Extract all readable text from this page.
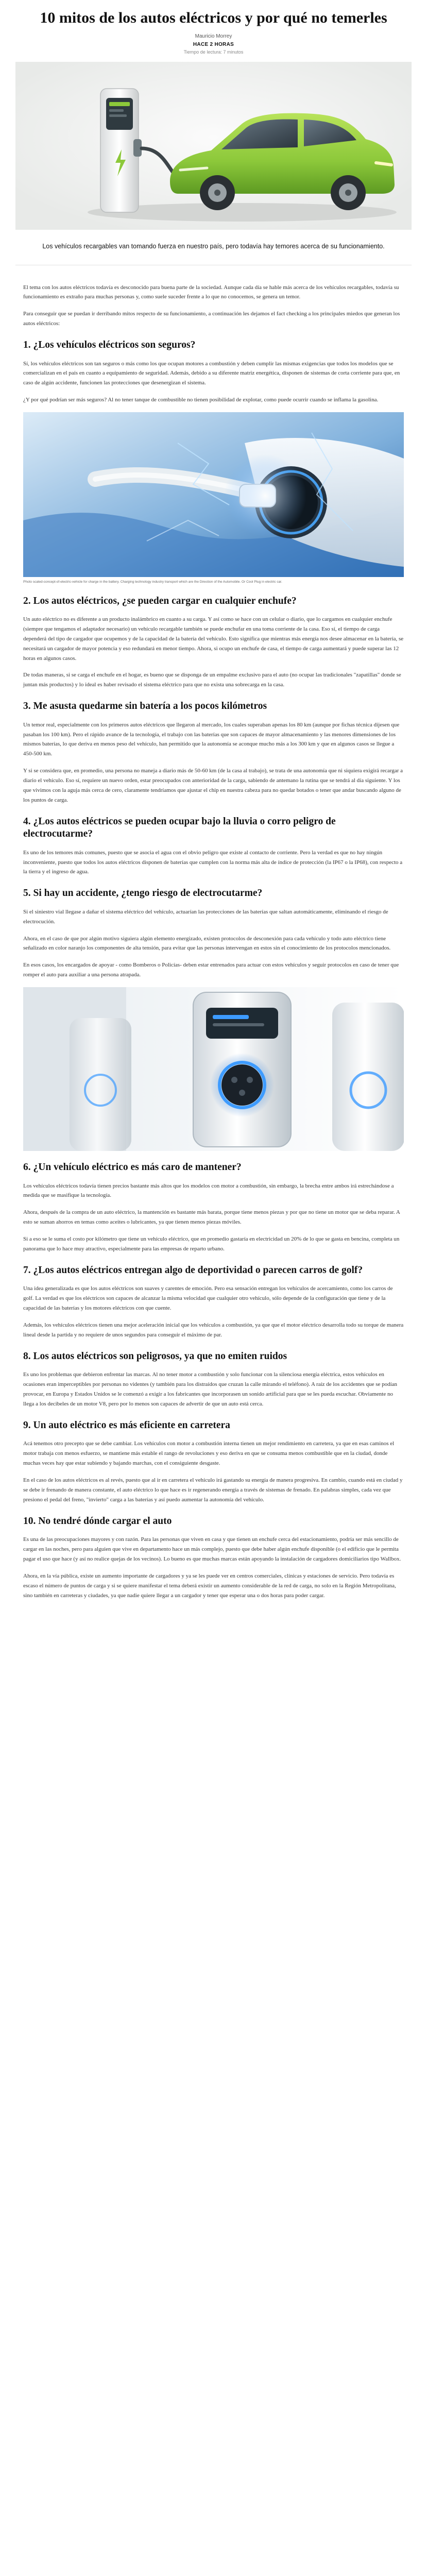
10 mitos de los autos eléctricos y por qué no temerles
Mauricio Morrey
HACE 2 HORAS
Tiempo de lectura: 7 minutos
Los vehículos recargables van tomando fuerza en nuestro país, pero todavía hay temores acerca de su funcionamiento.

El tema con los autos eléctricos todavía es desconocido para buena parte de la sociedad. Aunque cada día se hable más acerca de los vehículos recargables, todavía su funcionamiento es extraño para muchas personas y, como suele suceder frente a lo que no conocemos, se genera un temor.

Para conseguir que se puedan ir derribando mitos respecto de su funcionamiento, a continuación les dejamos el fact checking a los principales miedos que generan los autos eléctricos:

1. ¿Los vehículos eléctricos son seguros?

Sí, los vehículos eléctricos son tan seguros o más como los que ocupan motores a combustión y deben cumplir las mismas exigencias que todos los modelos que se comercializan en el país en cuanto a equipamiento de seguridad. Además, debido a su diferente matriz energética, disponen de sistemas de corta corriente para que, en caso de algún accidente, funcionen las protecciones que desenergizan el sistema.

¿Y por qué podrían ser más seguros? Al no tener tanque de combustible no tienen posibilidad de explotar, como puede ocurrir cuando se inflama la gasolina.

Photo scaled-concept-of-electric-vehicle for charge in the battery. Charging technology industry transport which are the Direction of the Automobile. Or Cool Plug in electric car.
2. Los autos eléctricos, ¿se pueden cargar en cualquier enchufe?

Un auto eléctrico no es diferente a un producto inalámbrico en cuanto a su carga. Y así como se hace con un celular o diario, que lo cargamos en cualquier enchufe (siempre que tengamos el adaptador necesario) un vehículo recargable también se puede enchufar en una toma corriente de la casa. Eso sí, el tiempo de carga dependerá del tipo de cargador que ocupemos y de la capacidad de la batería del vehículo. Esto significa que mientras más energía nos desee almacenar en la batería, se necesitará un cargador de mayor potencia y eso redundará en menor tiempo. Ahora, si ocupo un enchufe de casa, el tiempo de carga aumentará y puede superar las 12 horas en algunos casos.

De todas maneras, si se carga el enchufe en el hogar, es bueno que se disponga de un empalme exclusivo para el auto (no ocupar las tradicionales "zapatillas" donde se juntan más productos) y lo ideal es haber revisado el sistema eléctrico para que no exista una sobrecarga en la casa.

3. Me asusta quedarme sin batería a los pocos kilómetros

Un temor real, especialmente con los primeros autos eléctricos que llegaron al mercado, los cuales superaban apenas los 80 km (aunque por fichas técnica dijesen que pasaban los 100 km). Pero el rápido avance de la tecnología, el trabajo con las baterías que son capaces de mayor almacenamiento y las menores dimensiones de los mismos baterías, lo que deriva en menos peso del vehículo, han permitido que la autonomía se aconque mucho más a los 300 km y que en algunos casos se llegue a 450-500 km.

Y si se considera que, en promedio, una persona no maneja a diario más de 50-60 km (de la casa al trabajo), se trata de una autonomía que ni siquiera exigirá recargar a diario el vehículo. Eso sí, requiere un nuevo orden, estar preocupados con anterioridad de la carga, sabiendo de antemano la rutina que se tendrá al día siguiente. Y los que vivimos con la aguja más cerca de cero, claramente tendríamos que ajustar el chip en nuestra cabeza para no quedar botados o tener que andar buscando alguno de los puntos de carga.

4. ¿Los autos eléctricos se pueden ocupar bajo la lluvia o corro peligro de electrocutarme?

Es uno de los temores más comunes, puesto que se asocia el agua con el obvio peligro que existe al contacto de corriente. Pero la verdad es que no hay ningún inconveniente, puesto que todos los autos eléctricos disponen de baterías que cumplen con la norma más alta de índice de protección (la IP67 o la IP68), con respecto a la tierra y el ingreso de agua.

5. Si hay un accidente, ¿tengo riesgo de electrocutarme?

Si el siniestro vial llegase a dañar el sistema eléctrico del vehículo, actuarían las protecciones de las baterías que saltan automáticamente, eliminando el riesgo de electrocución.

Ahora, en el caso de que por algún motivo siguiera algún elemento energizado, existen protocolos de desconexión para cada vehículo y todo auto eléctrico tiene señalizado en color naranjo los componentes de alta tensión, para evitar que las personas intervengan en estos sin el conocimiento de los protocolos mencionados.

En esos casos, los encargados de apoyar - como Bomberos o Policías- deben estar entrenados para actuar con estos vehículos y seguir protocolos en caso de tener que romper el auto para auxiliar a una persona atrapada.

6. ¿Un vehículo eléctrico es más caro de mantener?

Los vehículos eléctricos todavía tienen precios bastante más altos que los modelos con motor a combustión, sin embargo, la brecha entre ambos irá estrechándose a medida que se masifique la tecnología.

Ahora, después de la compra de un auto eléctrico, la mantención es bastante más barata, porque tiene menos piezas y por que no tiene un motor que se deba reparar. A esto se suman ahorros en temas como aceites o lubricantes, ya que tienen menos piezas móviles.

Si a eso se le suma el costo por kilómetro que tiene un vehículo eléctrico, que en promedio gastaría en electricidad un 20% de lo que se gasta en bencina, completa un panorama que lo hace muy atractivo, especialmente para las empresas de reparto urbano.

7. ¿Los autos eléctricos entregan algo de deportividad o parecen carros de golf?

Una idea generalizada es que los autos eléctricos son suaves y carentes de emoción. Pero esa sensación entregan los vehículos de acercamiento, como los carros de golf. La verdad es que los eléctricos son capaces de alcanzar la misma velocidad que cualquier otro vehículo, sólo depende de la configuración que tiene y de la capacidad de las baterías y los motores eléctricos con que cuente.

Además, los vehículos eléctricos tienen una mejor aceleración inicial que los vehículos a combustión, ya que que el motor eléctrico desarrolla todo su torque de manera lineal desde la partida y no requiere de unos segundos para conseguir el máximo de par.

8. Los autos eléctricos son peligrosos, ya que no emiten ruidos

Es uno los problemas que debieron enfrentar las marcas. Al no tener motor a combustión y solo funcionar con la silenciosa energía eléctrica, estos vehículos en ocasiones eran imperceptibles por personas no videntes (y también para los distraídos que cruzan la calle mirando el teléfono). A raíz de los accidentes que se podían provocar, en Europa y Estados Unidos se le comenzó a exigir a los fabricantes que incorporasen un sonido artificial para que se les pueda escuchar. Obviamente no llega a los decibeles de un motor V8, pero por lo menos son capaces de advertir de que un auto está cerca.

9. Un auto eléctrico es más eficiente en carretera

Acá tenemos otro precepto que se debe cambiar. Los vehículos con motor a combustión interna tienen un mejor rendimiento en carretera, ya que en esas caminos el motor trabaja con menos esfuerzo, se mantiene más estable el rango de revoluciones y eso deriva en que se consuma menos combustible que en la ciudad, donde muchas veces hay que estar subiendo y bajando marchas, con el consiguiente desgaste.

En el caso de los autos eléctricos es al revés, puesto que al ir en carretera el vehículo irá gastando su energía de manera progresiva. En cambio, cuando está en ciudad y se debe ir frenando de manera constante, el auto eléctrico lo que hace es ir regenerando energía a través de sistemas de frenado. En palabras simples, cada vez que presiono el pedal del freno, "invierto" carga a las baterías y así puedo aumentar la autonomía del vehículo.

10. No tendré dónde cargar el auto

Es una de las preocupaciones mayores y con razón. Para las personas que viven en casa y que tienen un enchufe cerca del estacionamiento, podría ser más sencillo de cargar en las noches, pero para alguien que vive en departamento hace un más complejo, puesto que debe haber algún enchufe disponible (o el edificio que le permita pagar el uso que hace (y así no realice quejas de los vecinos). Lo bueno es que muchas marcas están apoyando la instalación de cargadores domiciliarios tipo Wallbox.

Ahora, en la vía pública, existe un aumento importante de cargadores y ya se les puede ver en centros comerciales, clínicas y estaciones de servicio. Pero todavía es escaso el número de puntos de carga y si se quiere manifestar el tema deberá existir un aumento considerable de la red de carga, no solo en la Región Metropolitana, sino también en carreteras y ciudades, ya que nadie quiere llegar a un cargador y tener que esperar una o dos horas para poder cargar.
